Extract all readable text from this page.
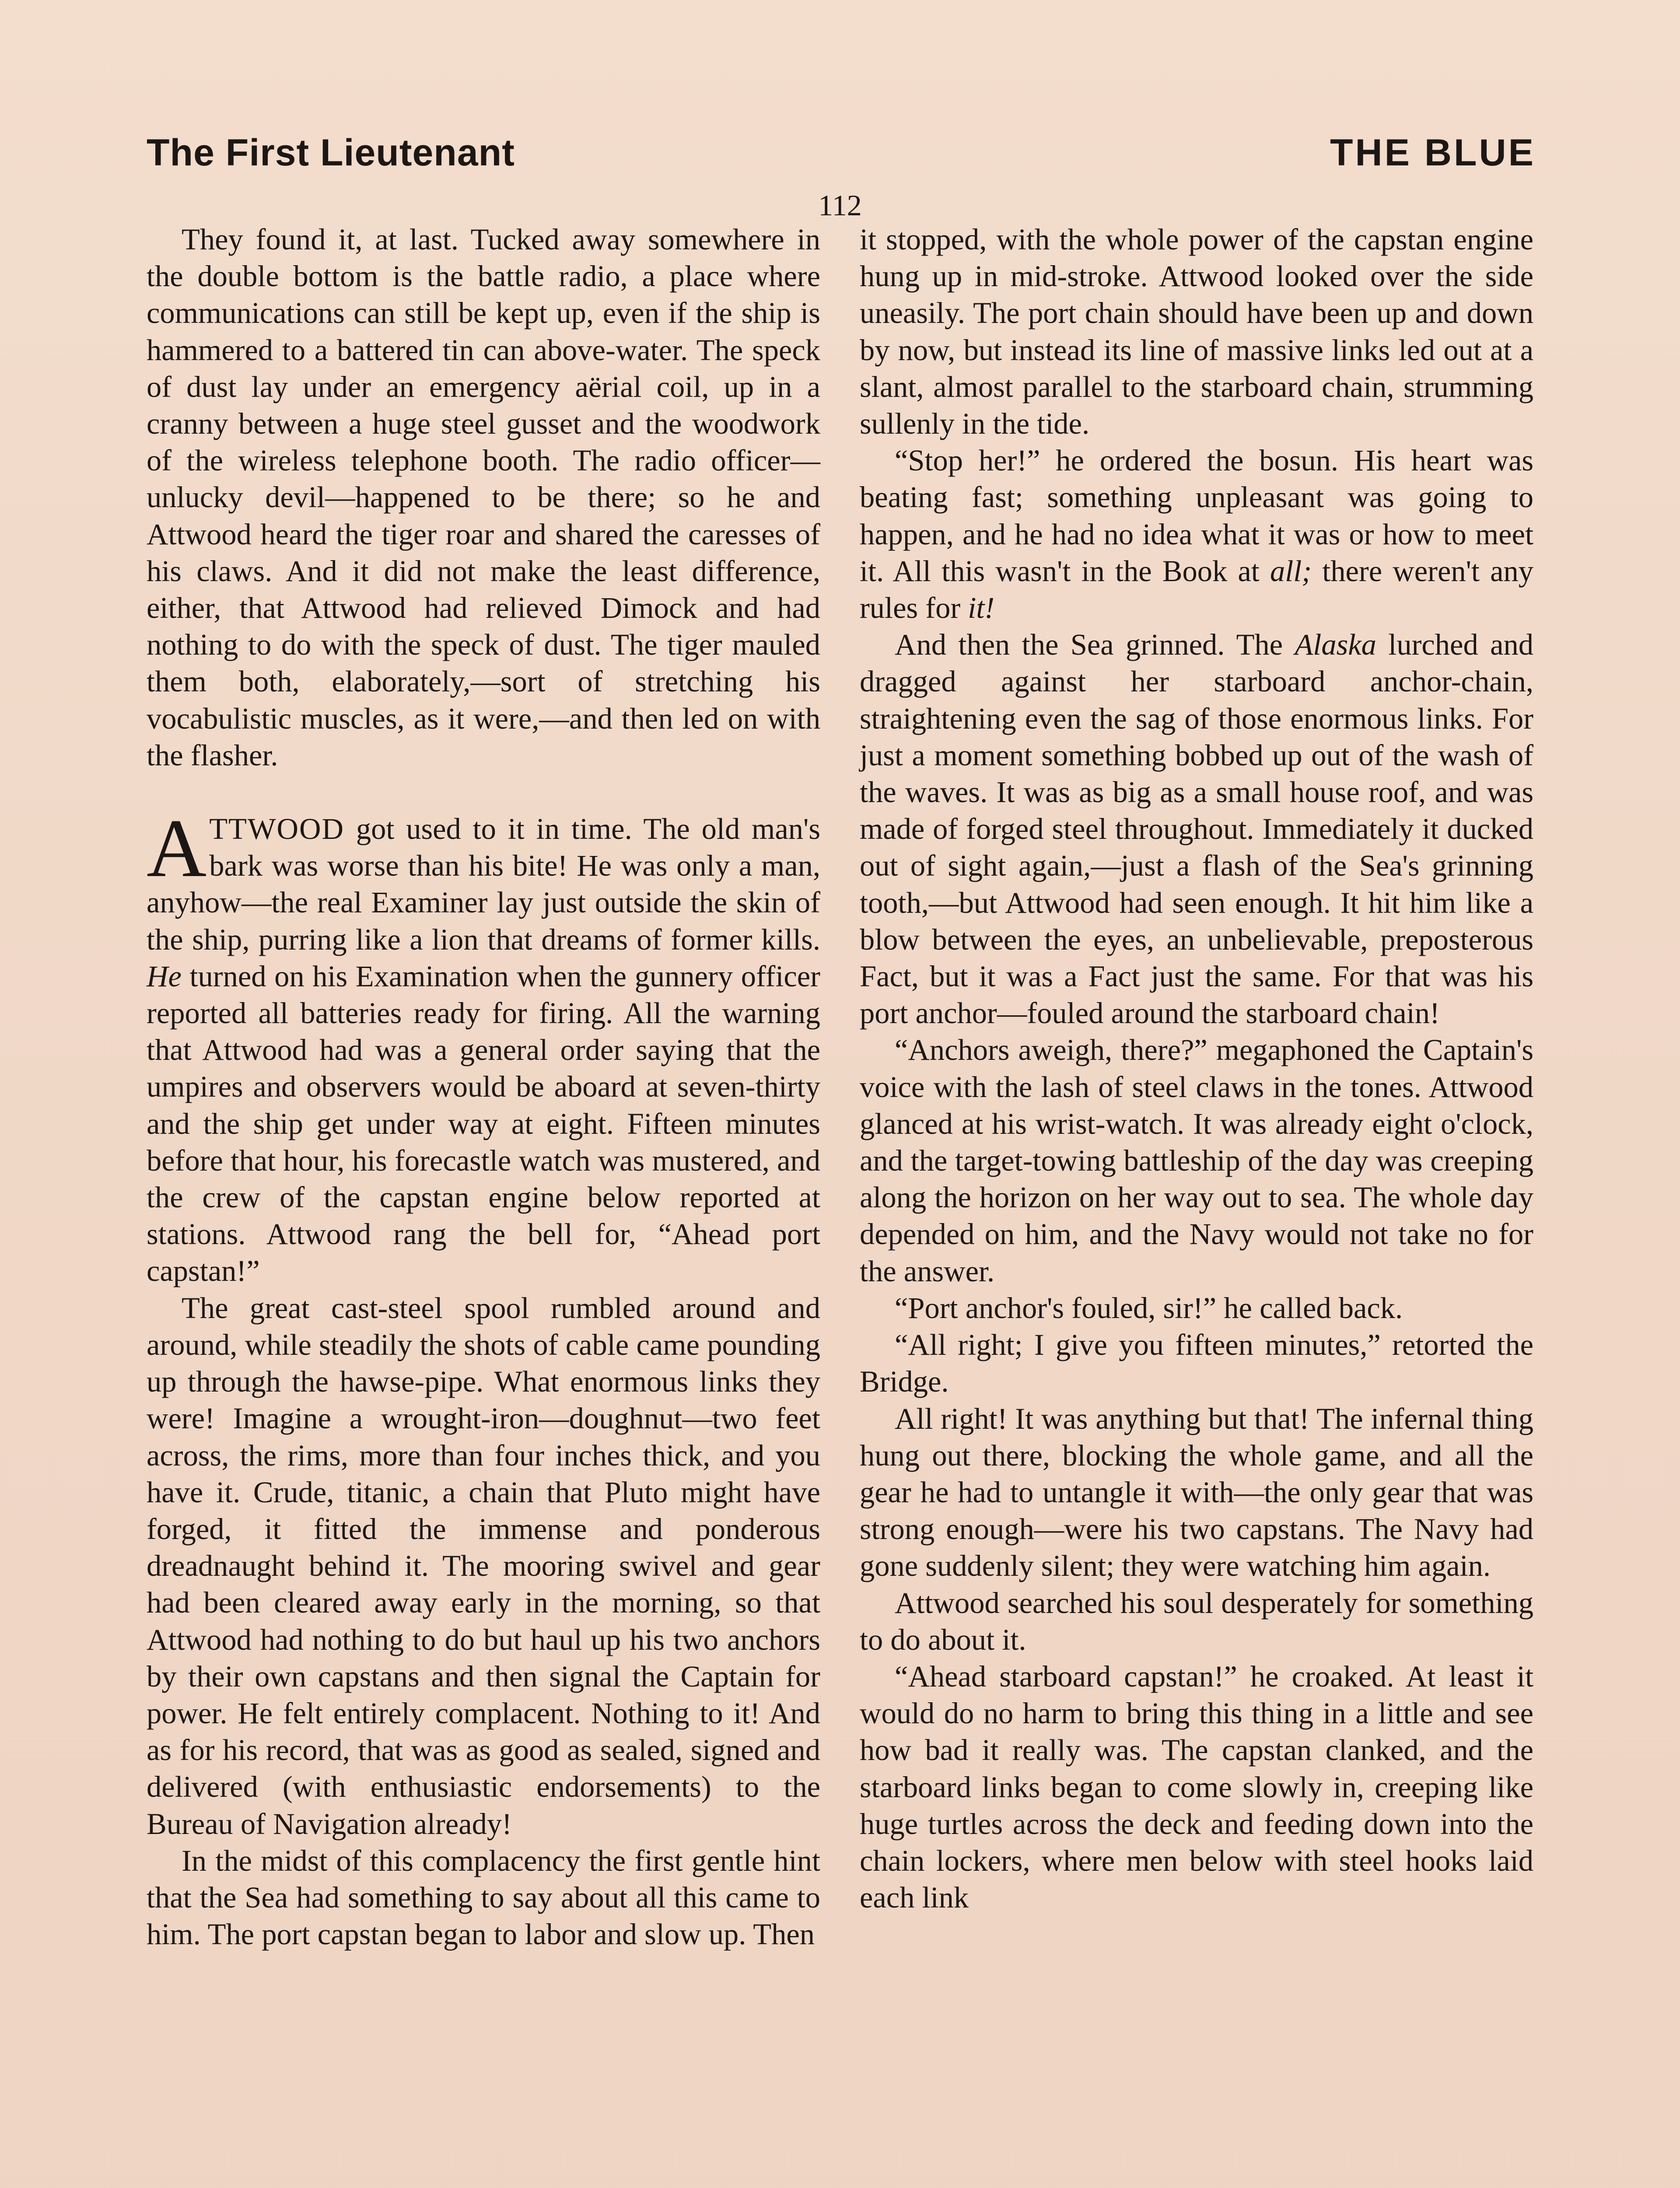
The First Lieutenant	THE BLUE
112

They found it, at last. Tucked away somewhere in the double bottom is the battle radio, a place where communications can still be kept up, even if the ship is hammered to a battered tin can above-water. The speck of dust lay under an emergency aërial coil, up in a cranny between a huge steel gusset and the woodwork of the wireless telephone booth. The radio officer—unlucky devil—happened to be there; so he and Attwood heard the tiger roar and shared the caresses of his claws. And it did not make the least difference, either, that Attwood had relieved Dimock and had nothing to do with the speck of dust. The tiger mauled them both, elaborately,—sort of stretching his vocabulistic muscles, as it were,—and then led on with the flasher.

ATTWOOD got used to it in time. The old man's bark was worse than his bite! He was only a man, anyhow—the real Examiner lay just outside the skin of the ship, purring like a lion that dreams of former kills. He turned on his Examination when the gunnery officer reported all batteries ready for firing. All the warning that Attwood had was a general order saying that the umpires and observers would be aboard at seven-thirty and the ship get under way at eight. Fifteen minutes before that hour, his forecastle watch was mustered, and the crew of the capstan engine below reported at stations. Attwood rang the bell for, “Ahead port capstan!”

The great cast-steel spool rumbled around and around, while steadily the shots of cable came pounding up through the hawse-pipe. What enormous links they were! Imagine a wrought-iron—doughnut—two feet across, the rims, more than four inches thick, and you have it. Crude, titanic, a chain that Pluto might have forged, it fitted the immense and ponderous dreadnaught behind it. The mooring swivel and gear had been cleared away early in the morning, so that Attwood had nothing to do but haul up his two anchors by their own capstans and then signal the Captain for power. He felt entirely complacent. Nothing to it! And as for his record, that was as good as sealed, signed and delivered (with enthusiastic endorsements) to the Bureau of Navigation already!

In the midst of this complacency the first gentle hint that the Sea had something to say about all this came to him. The port capstan began to labor and slow up. Then

it stopped, with the whole power of the capstan engine hung up in mid-stroke. Attwood looked over the side uneasily. The port chain should have been up and down by now, but instead its line of massive links led out at a slant, almost parallel to the starboard chain, strumming sullenly in the tide.

“Stop her!” he ordered the bosun. His heart was beating fast; something unpleasant was going to happen, and he had no idea what it was or how to meet it. All this wasn't in the Book at all; there weren't any rules for it!

And then the Sea grinned. The Alaska lurched and dragged against her starboard anchor-chain, straightening even the sag of those enormous links. For just a moment something bobbed up out of the wash of the waves. It was as big as a small house roof, and was made of forged steel throughout. Immediately it ducked out of sight again,—just a flash of the Sea's grinning tooth,—but Attwood had seen enough. It hit him like a blow between the eyes, an unbelievable, preposterous Fact, but it was a Fact just the same. For that was his port anchor—fouled around the starboard chain!

“Anchors aweigh, there?” megaphoned the Captain's voice with the lash of steel claws in the tones. Attwood glanced at his wrist-watch. It was already eight o'clock, and the target-towing battleship of the day was creeping along the horizon on her way out to sea. The whole day depended on him, and the Navy would not take no for the answer.

“Port anchor's fouled, sir!” he called back.

“All right; I give you fifteen minutes,” retorted the Bridge.

All right! It was anything but that! The infernal thing hung out there, blocking the whole game, and all the gear he had to untangle it with—the only gear that was strong enough—were his two capstans. The Navy had gone suddenly silent; they were watching him again.

Attwood searched his soul desperately for something to do about it.

“Ahead starboard capstan!” he croaked. At least it would do no harm to bring this thing in a little and see how bad it really was. The capstan clanked, and the starboard links began to come slowly in, creeping like huge turtles across the deck and feeding down into the chain lockers, where men below with steel hooks laid each link
